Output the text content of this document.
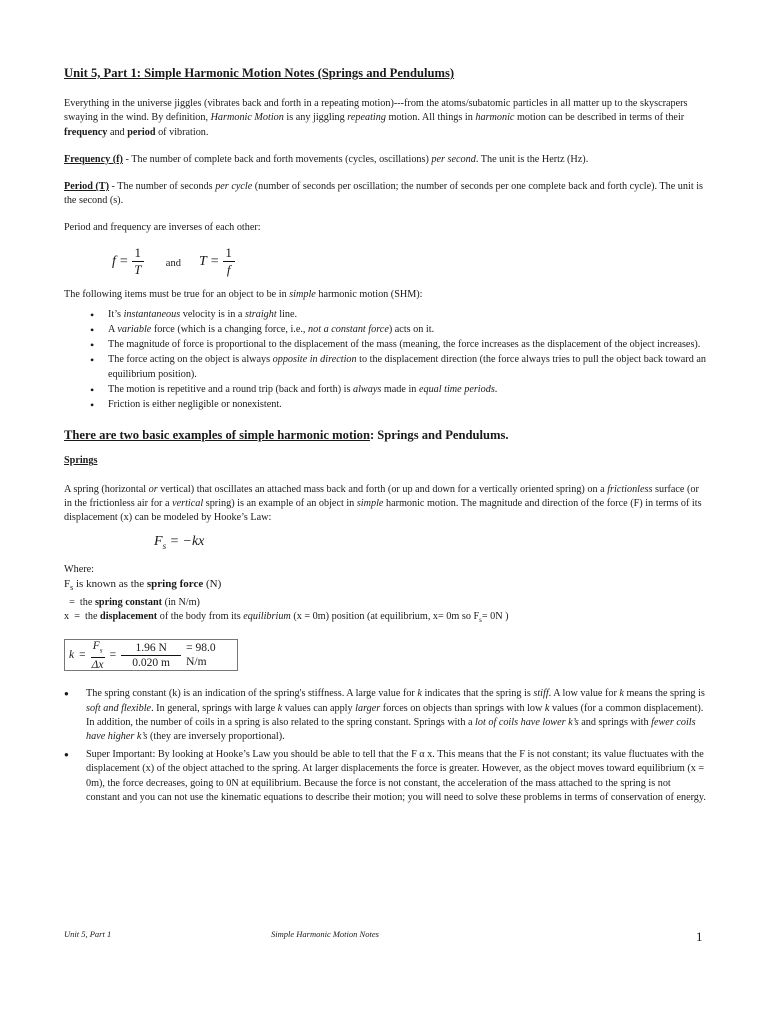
Unit 5, Part 1: Simple Harmonic Motion Notes (Springs and Pendulums)

Everything in the universe jiggles (vibrates back and forth in a repeating motion)---from the atoms/subatomic particles in all matter up to the skyscrapers swaying in the wind. By definition, Harmonic Motion is any jiggling repeating motion. All things in harmonic motion can be described in terms of their frequency and period of vibration.

Frequency (f) - The number of complete back and forth movements (cycles, oscillations) per second. The unit is the Hertz (Hz).

Period (T) - The number of seconds per cycle (number of seconds per oscillation; the number of seconds per one complete back and forth cycle). The unit is the second (s).

Period and frequency are inverses of each other:

$f = \frac{1}{T}$ and $T = \frac{1}{f}$

The following items must be true for an object to be in simple harmonic motion (SHM):

• It’s instantaneous velocity is in a straight line.
• A variable force (which is a changing force, i.e., not a constant force) acts on it.
• The magnitude of force is proportional to the displacement of the mass (meaning, the force increases as the displacement of the object increases).
• The force acting on the object is always opposite in direction to the displacement direction (the force always tries to pull the object back toward an equilibrium position).
• The motion is repetitive and a round trip (back and forth) is always made in equal time periods.
• Friction is either negligible or nonexistent.

There are two basic examples of simple harmonic motion: Springs and Pendulums.

Springs

A spring (horizontal or vertical) that oscillates an attached mass back and forth (or up and down for a vertically oriented spring) on a frictionless surface (or in the frictionless air for a vertical spring) is an example of an object in simple harmonic motion. The magnitude and direction of the force (F) in terms of its displacement (x) can be modeled by Hooke’s Law:

$F_s = -kx$

Where:

$F_s$ is known as the spring force (N)

=  the spring constant (in N/m)

x  =  the displacement of the body from its equilibrium (x = 0m) position (at equilibrium, x= 0m so $F_s= 0N$ )

$k = \frac{F_s}{\Delta x} = \frac{1.96 N}{0.020 m} = 98.0$ N/m
● The spring constant (k) is an indication of the spring's stiffness. A large value for k indicates that the spring is stiff. A low value for k means the spring is soft and flexible. In general, springs with large k values can apply larger forces on objects than springs with low k values (for a common displacement). In addition, the number of coils in a spring is also related to the spring constant. Springs with a lot of coils have lower k’s and springs with fewer coils have higher k’s (they are inversely proportional).
● Super Important: By looking at Hooke’s Law you should be able to tell that the F α x. This means that the F is not constant; its value fluctuates with the displacement (x) of the object attached to the spring. At larger displacements the force is greater. However, as the object moves toward equilibrium (x = 0m), the force decreases, going to 0N at equilibrium. Because the force is not constant, the acceleration of the mass attached to the spring is not constant and you can not use the kinematic equations to describe their motion; you will need to solve these problems in terms of conservation of energy.
Unit 5, Part 1	Simple Harmonic Motion Notes	1
